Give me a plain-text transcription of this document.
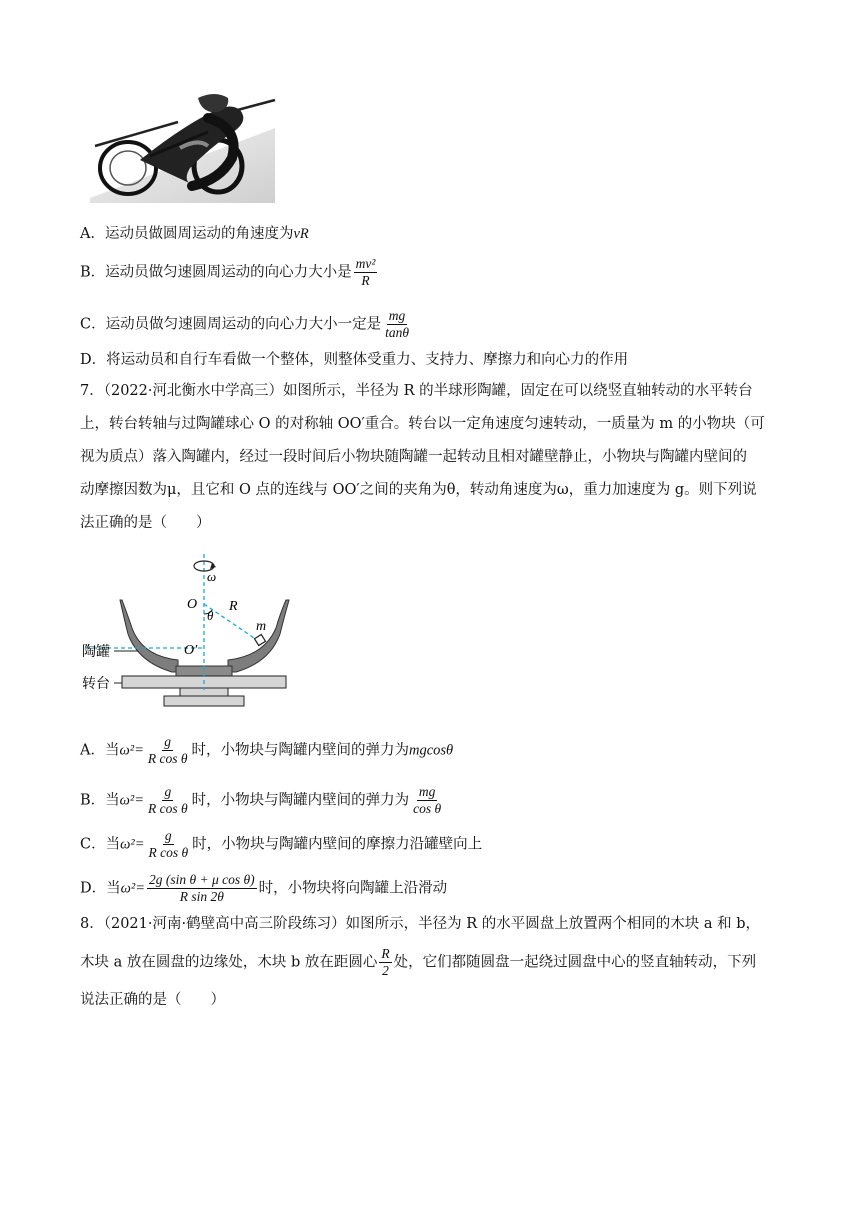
A．运动员做圆周运动的角速度为vR
B．运动员做匀速圆周运动的向心力大小是 $\frac{\text{mv²}}{R}$
C．运动员做匀速圆周运动的向心力大小一定是 $\frac{mg}{\tan\theta}$
D．将运动员和自行车看做一个整体，则整体受重力、支持力、摩擦力和向心力的作用
7．（2022·河北衡水中学高三）如图所示，半径为 R 的半球形陶罐，固定在可以绕竖直轴转动的水平转台
上，转台转轴与过陶罐球心 O 的对称轴 OO′重合。转台以一定角速度匀速转动，一质量为 m 的小物块（可
视为质点）落入陶罐内，经过一段时间后小物块随陶罐一起转动且相对罐壁静止，小物块与陶罐内壁间的
动摩擦因数为μ，且它和 O 点的连线与 OO′之间的夹角为θ，转动角速度为ω，重力加速度为 g。则下列说
法正确的是（　　）
ω
O R
θ
m
O′
陶罐
转台
A．当$\omega^2= \frac{g}{\text{R cos θ}}$ 时，小物块与陶罐内壁间的弹力为mgcosθ
B．当$\omega^2= \frac{g}{\text{R cos θ}}$ 时，小物块与陶罐内壁间的弹力为 $\frac{mg}{\text{cos θ}}$
C．当$\omega^2= \frac{g}{\text{R cos θ}}$ 时，小物块与陶罐内壁间的摩擦力沿罐壁向上
D．当$\omega^2= \frac{\text{2g (sin θ + μ cos θ)}}{\text{R sin 2θ}}$ 时，小物块将向陶罐上沿滑动
8．（2021·河南·鹤壁高中高三阶段练习）如图所示，半径为 R 的水平圆盘上放置两个相同的木块 a 和 b，
木块 a 放在圆盘的边缘处，木块 b 放在距圆心 $\frac{R}{2}$ 处，它们都随圆盘一起绕过圆盘中心的竖直轴转动，下列
说法正确的是（　　）
